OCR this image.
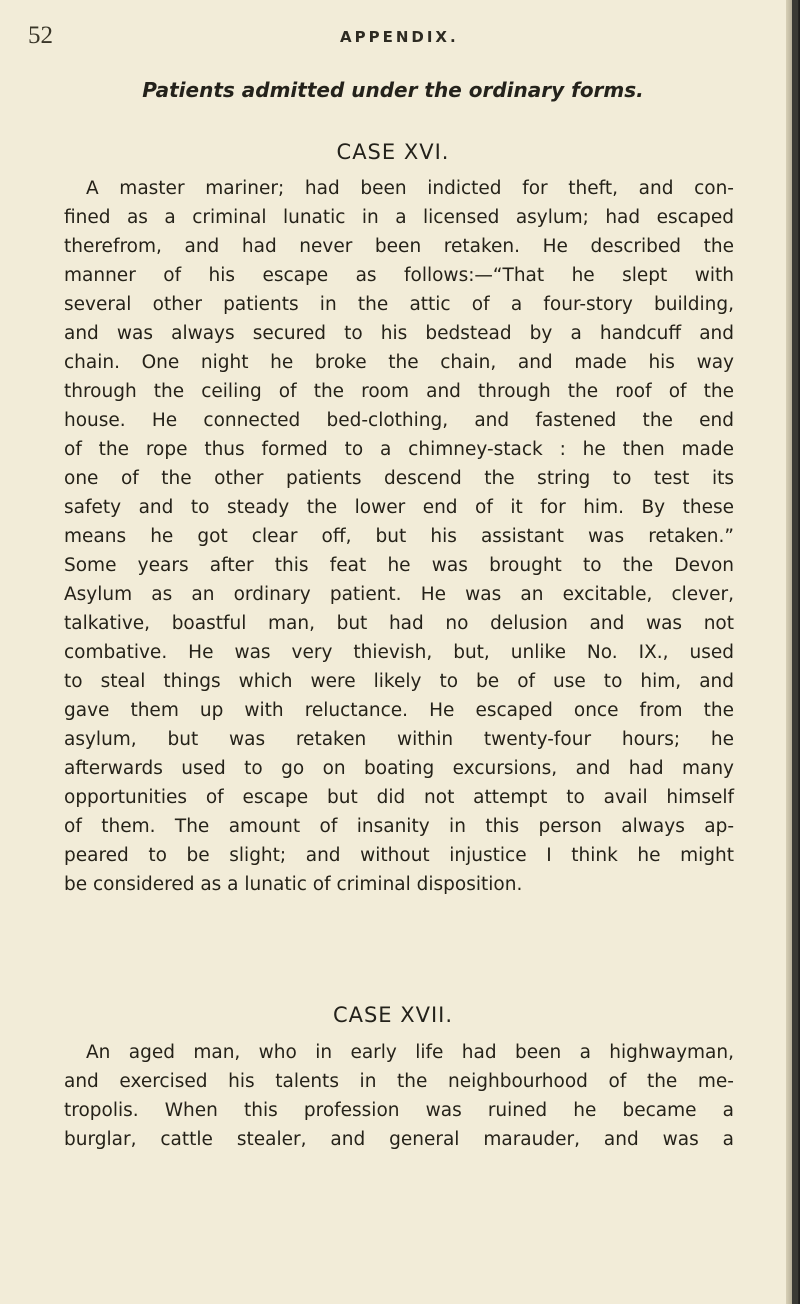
52	APPENDIX.
Patients admitted under the ordinary forms.
CASE XVI.
A master mariner; had been indicted for theft, and con-
fined as a criminal lunatic in a licensed asylum; had escaped
therefrom, and had never been retaken. He described the
manner of his escape as follows:—“That he slept with
several other patients in the attic of a four-story building,
and was always secured to his bedstead by a handcuff and
chain. One night he broke the chain, and made his way
through the ceiling of the room and through the roof of the
house. He connected bed-clothing, and fastened the end
of the rope thus formed to a chimney-stack : he then made
one of the other patients descend the string to test its
safety and to steady the lower end of it for him. By these
means he got clear off, but his assistant was retaken.”
Some years after this feat he was brought to the Devon
Asylum as an ordinary patient. He was an excitable, clever,
talkative, boastful man, but had no delusion and was not
combative. He was very thievish, but, unlike No. IX., used
to steal things which were likely to be of use to him, and
gave them up with reluctance. He escaped once from the
asylum, but was retaken within twenty-four hours; he
afterwards used to go on boating excursions, and had many
opportunities of escape but did not attempt to avail himself
of them. The amount of insanity in this person always ap-
peared to be slight; and without injustice I think he might
be considered as a lunatic of criminal disposition.
CASE XVII.
An aged man, who in early life had been a highwayman,
and exercised his talents in the neighbourhood of the me-
tropolis. When this profession was ruined he became a
burglar, cattle stealer, and general marauder, and was a
